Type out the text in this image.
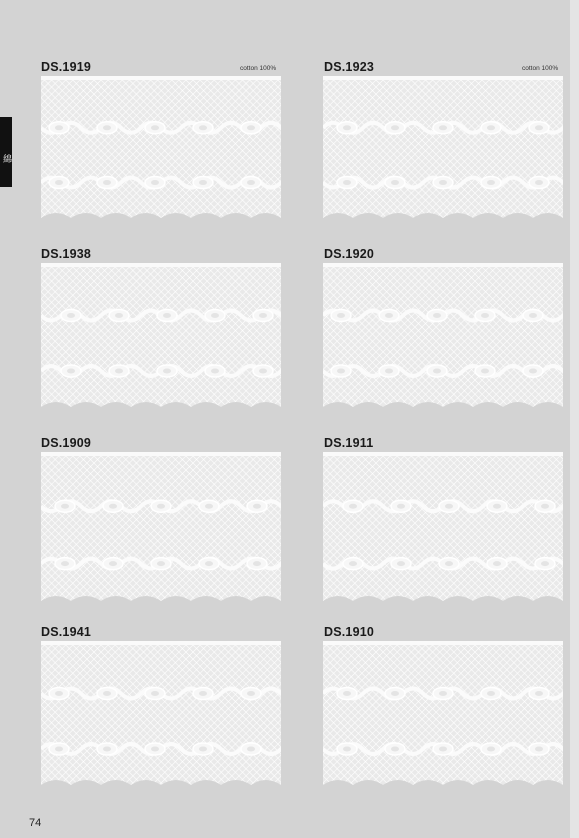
綿
DS.1919	cotton 100%	DS.1923	cotton 100%
DS.1938	DS.1920
DS.1909	DS.1911
DS.1941	DS.1910
74
